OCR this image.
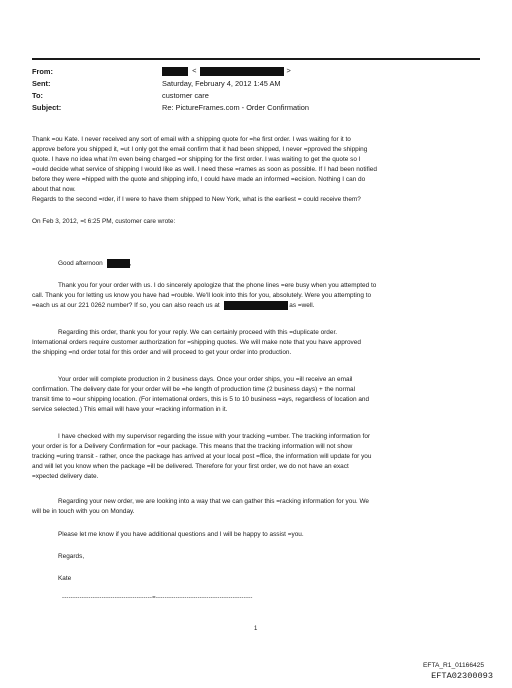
From:	<	>
Sent:	Saturday, February 4, 2012 1:45 AM
To:	customer care
Subject:	Re: PictureFrames.com - Order Confirmation
Thank =ou Kate. I never received any sort of email with a shipping quote for =he first order. I was waiting for it to
approve before you shipped it, =ut I only got the email confirm that it had been shipped, I never =pproved the shipping
quote. I have no idea what i'm even being charged =or shipping for the first order. I was waiting to get the quote so I
=ould decide what service of shipping I would like as well. I need these =rames as soon as possible. If I had been notified
before they were =hipped with the quote and shipping info, I could have made an informed =ecision. Nothing I can do
about that now.
Regards to the second =rder, if I were to have them shipped to New York, what is the earliest = could receive them?
On Feb 3, 2012, =t 6:25 PM, customer care wrote:
Good afternoon	,
Thank you for your order with us. I do sincerely apologize that the phone lines =ere busy when you attempted to
call. Thank you for letting us know you have had =rouble. We'll look into this for you, absolutely. Were you attempting to
=each us at our 221 0262 number? If so, you can also reach us at	as =well.
Regarding this order, thank you for your reply. We can certainly proceed with this =duplicate order.
International orders require customer authorization for =shipping quotes. We will make note that you have approved
the shipping =nd order total for this order and will proceed to get your order into production.
Your order will complete production in 2 business days. Once your order ships, you =ill receive an email
confirmation. The delivery date for your order will be =he length of production time (2 business days) + the normal
transit time to =our shipping location. (For international orders, this is 5 to 10 business =ays, regardless of location and
service selected.) This email will have your =racking information in it.
I have checked with my supervisor regarding the issue with your tracking =umber. The tracking information for
your order is for a Delivery Confirmation for =our package. This means that the tracking information will not show
tracking =uring transit - rather, once the package has arrived at your local post =ffice, the information will update for you
and will let you know when the package =ill be delivered. Therefore for your first order, we do not have an exact
=xpected delivery date.
Regarding your new order, we are looking into a way that we can gather this =racking information for you. We
will be in touch with you on Monday.
Please let me know if you have additional questions and I will be happy to assist =you.
Regards,
Kate
-----------------------------------------=--------------------------------------------
1
EFTA_R1_01166425
EFTA02300093
